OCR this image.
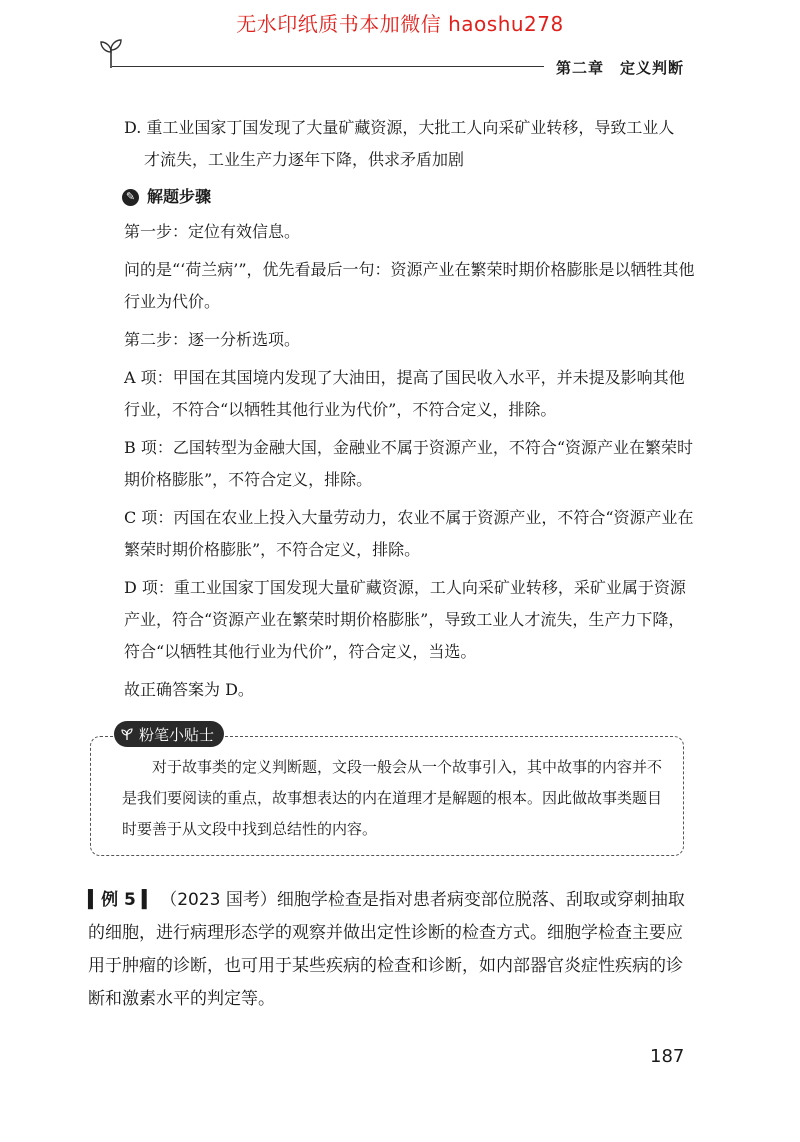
无水印纸质书本加微信 haoshu278
第二章　定义判断

D. 重工业国家丁国发现了大量矿藏资源，大批工人向采矿业转移，导致工业人
才流失，工业生产力逐年下降，供求矛盾加剧

✎ 解题步骤

第一步：定位有效信息。

问的是“‘荷兰病’”，优先看最后一句：资源产业在繁荣时期价格膨胀是以牺牲其他行业为代价。

第二步：逐一分析选项。

A 项：甲国在其国境内发现了大油田，提高了国民收入水平，并未提及影响其他行业，不符合“以牺牲其他行业为代价”，不符合定义，排除。

B 项：乙国转型为金融大国，金融业不属于资源产业，不符合“资源产业在繁荣时期价格膨胀”，不符合定义，排除。

C 项：丙国在农业上投入大量劳动力，农业不属于资源产业，不符合“资源产业在繁荣时期价格膨胀”，不符合定义，排除。

D 项：重工业国家丁国发现大量矿藏资源，工人向采矿业转移，采矿业属于资源产业，符合“资源产业在繁荣时期价格膨胀”，导致工业人才流失，生产力下降，符合“以牺牲其他行业为代价”，符合定义，当选。

故正确答案为 D。

粉笔小贴士
对于故事类的定义判断题，文段一般会从一个故事引入，其中故事的内容并不是我们要阅读的重点，故事想表达的内在道理才是解题的根本。因此做故事类题目时要善于从文段中找到总结性的内容。
▍例 5 ▍ （2023 国考）细胞学检查是指对患者病变部位脱落、刮取或穿刺抽取的细胞，进行病理形态学的观察并做出定性诊断的检查方式。细胞学检查主要应用于肿瘤的诊断，也可用于某些疾病的检查和诊断，如内部器官炎症性疾病的诊断和激素水平的判定等。
187
